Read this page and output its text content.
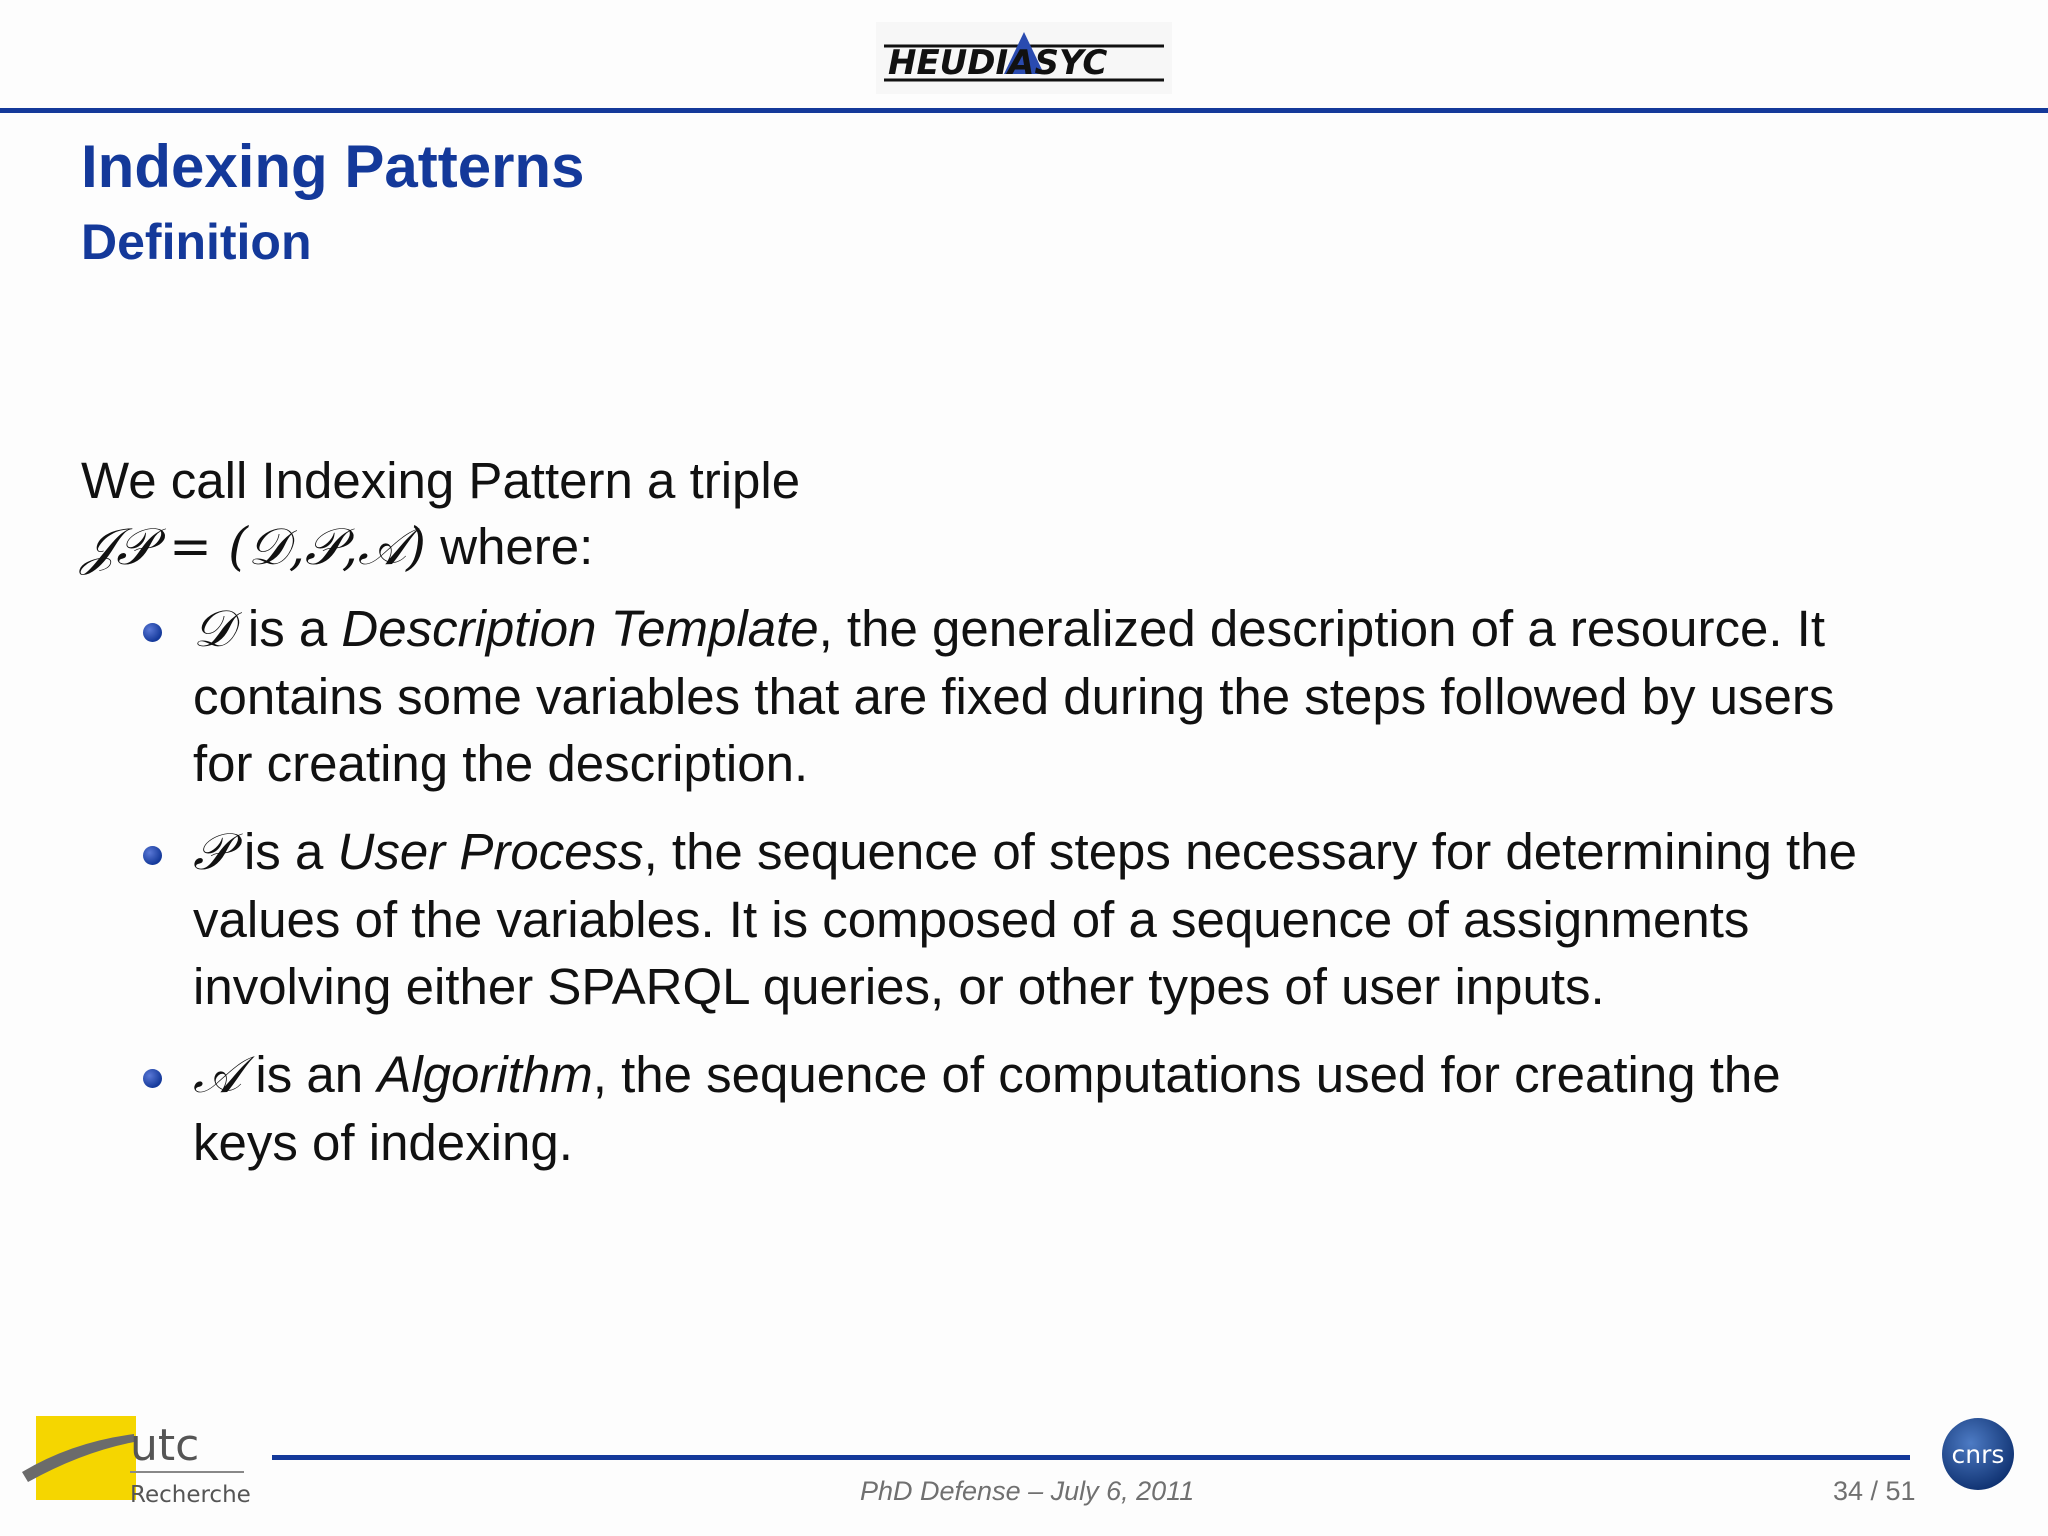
HEUDIASYC
Indexing Patterns
Definition
We call Indexing Pattern a triple
𝒥𝒫 = (𝒟,𝒫,𝒜) where:
𝒟 is a Description Template, the generalized description of a resource. It
contains some variables that are fixed during the steps followed by users
for creating the description.
𝒫 is a User Process, the sequence of steps necessary for determining the
values of the variables. It is composed of a sequence of assignments
involving either SPARQL queries, or other types of user inputs.
𝒜 is an Algorithm, the sequence of computations used for creating the
keys of indexing.
utc
Recherche	PhD Defense – July 6, 2011	34 / 51
cnrs
